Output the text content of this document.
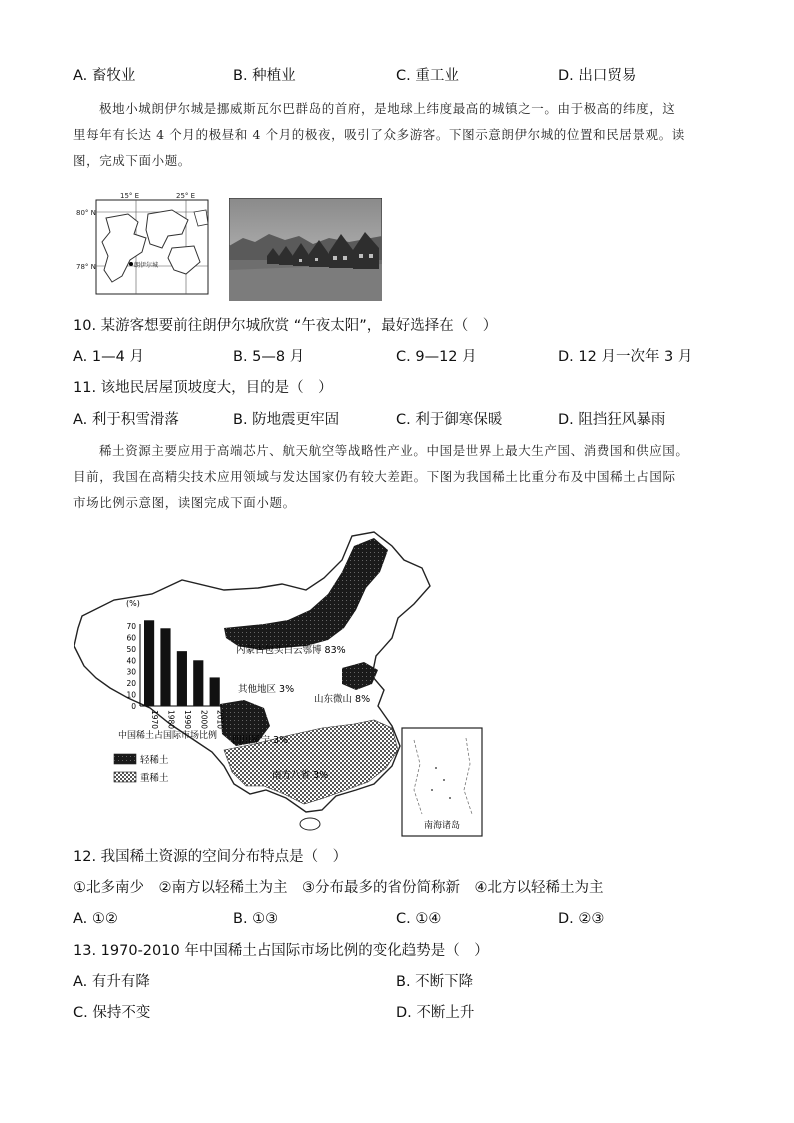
A. 畜牧业	B. 种植业	C. 重工业	D. 出口贸易

极地小城朗伊尔城是挪威斯瓦尔巴群岛的首府，是地球上纬度最高的城镇之一。由于极高的纬度，这

里每年有长达 4 个月的极昼和 4 个月的极夜，吸引了众多游客。下图示意朗伊尔城的位置和民居景观。读

图，完成下面小题。

朗伊尔城
15° E	25° E
80° N
78° N
10. 某游客想要前往朗伊尔城欣赏 “午夜太阳”，最好选择在（　）
A. 1—4 月	B. 5—8 月	C. 9—12 月	D. 12 月一次年 3 月
11. 该地民居屋顶坡度大，目的是（　）
A. 利于积雪滑落	B. 防地震更牢固	C. 利于御寒保暖	D. 阻挡狂风暴雨

稀土资源主要应用于高端芯片、航天航空等战略性产业。中国是世界上最大生产国、消费国和供应国。

目前，我国在高精尖技术应用领域与发达国家仍有较大差距。下图为我国稀土比重分布及中国稀土占国际

市场比例示意图，读图完成下面小题。

内蒙古包头白云鄂博 83%
其他地区 3%
山东微山 8%
四川冕宁 3%
南方八省 3%
南海诸岛
(%)
0
10
20
30
40
50
60
70
1970 1980 1990 2000 2010
中国稀土占国际市场比例
轻稀土
重稀土
12. 我国稀土资源的空间分布特点是（　）
①北多南少　②南方以轻稀土为主　③分布最多的省份简称新　④北方以轻稀土为主
A. ①②	B. ①③	C. ①④	D. ②③
13. 1970-2010 年中国稀土占国际市场比例的变化趋势是（　）
A. 有升有降	B. 不断下降
C. 保持不变	D. 不断上升
